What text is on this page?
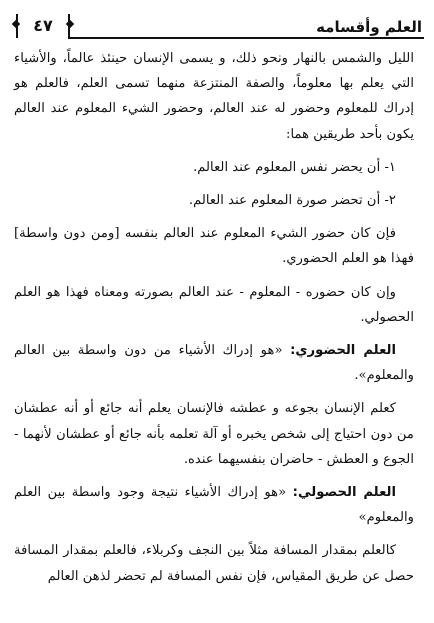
العلم وأقسامه
٤٧

الليل والشمس بالنهار ونحو ذلك، و يسمى الإنسان حينئذ عالماً، والأشياء التي يعلم بها معلوماً، والصفة المنتزعة منهما تسمى العلم، فالعلم هو إدراك للمعلوم وحضور له عند العالم، وحضور الشيء المعلوم عند العالم يكون بأحد طريقين هما:

١- أن يحضر نفس المعلوم عند العالم.

٢- أن تحضر صورة المعلوم عند العالم.

فإن كان حضور الشيء المعلوم عند العالم بنفسه [ومن دون واسطة] فهذا هو العلم الحضوري.

وإن كان حضوره - المعلوم - عند العالم بصورته ومعناه فهذا هو العلم الحصولي.

العلم الحضوري: «هو إدراك الأشياء من دون واسطة بين العالم والمعلوم».

كعلم الإنسان بجوعه و عطشه فالإنسان يعلم أنه جائع أو أنه عطشان من دون احتياج إلى شخص يخبره أو آلة تعلمه بأنه جائع أو عطشان لأنهما - الجوع و العطش - حاضران بنفسيهما عنده.

العلم الحصولي: «هو إدراك الأشياء نتيجة وجود واسطة بين العلم والمعلوم»

كالعلم بمقدار المسافة مثلاً بين النجف وكربلاء، فالعلم بمقدار المسافة حصل عن طريق المقياس، فإن نفس المسافة لم تحضر لذهن العالم
